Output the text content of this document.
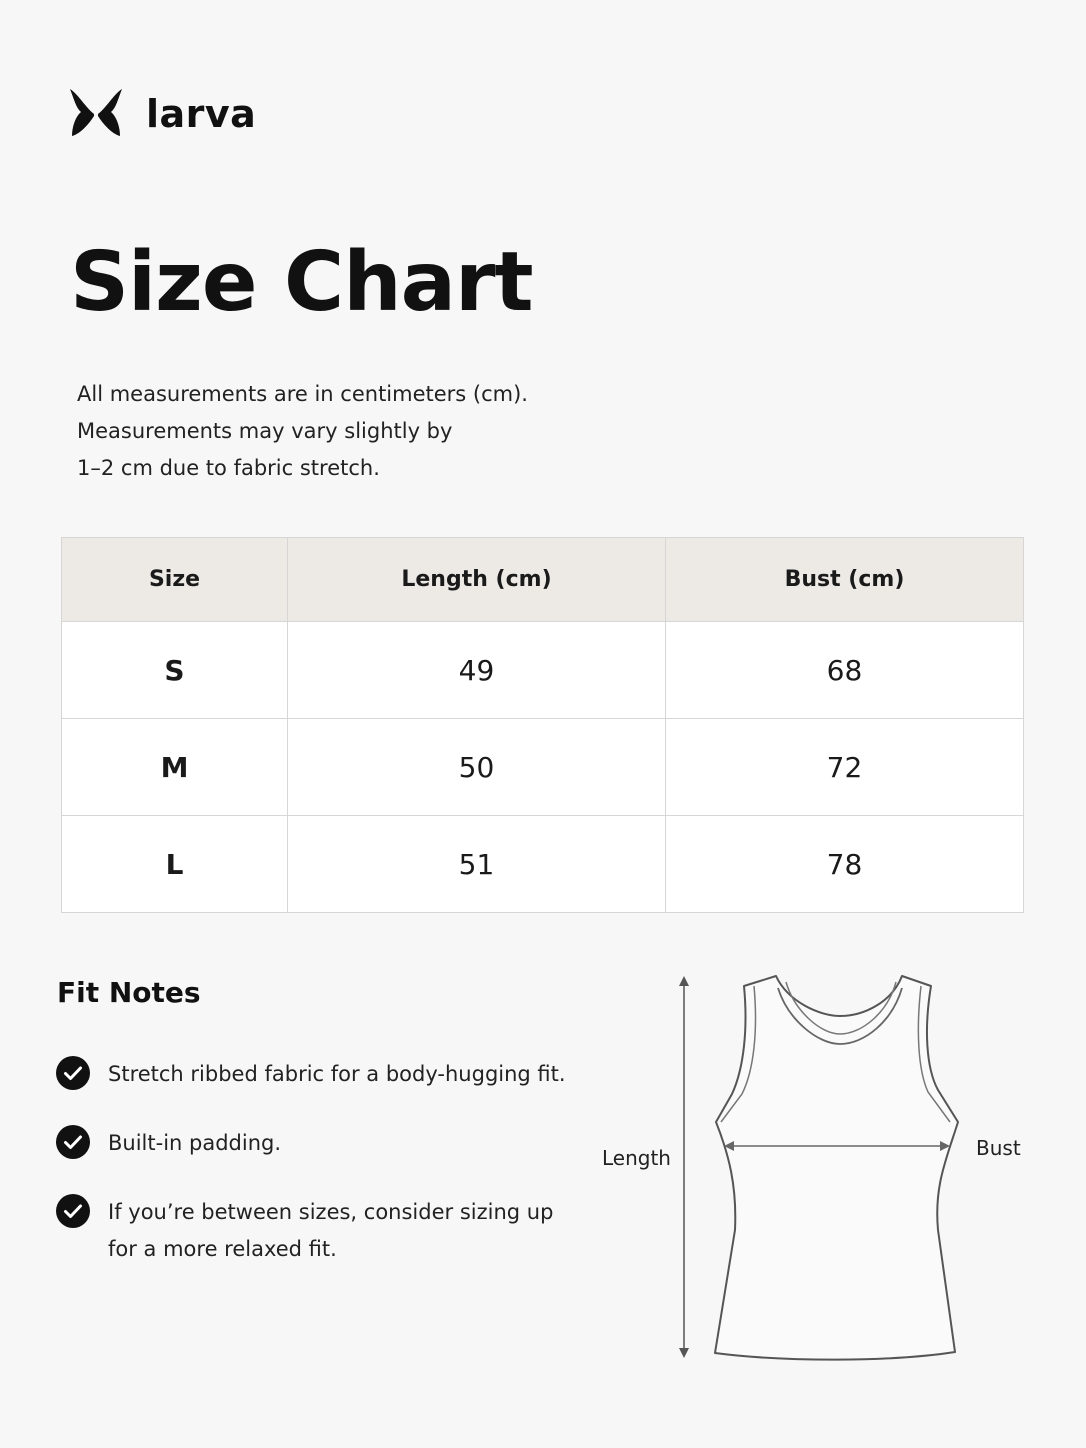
larva
Size Chart
All measurements are in centimeters (cm).
Measurements may vary slightly by
1–2 cm due to fabric stretch.
Size	Length (cm)	Bust (cm)
S	49	68
M	50	72
L	51	78
Fit Notes
Stretch ribbed fabric for a body-hugging fit.
Built-in padding.
If you’re between sizes, consider sizing up
for a more relaxed fit.
Length	Bust
